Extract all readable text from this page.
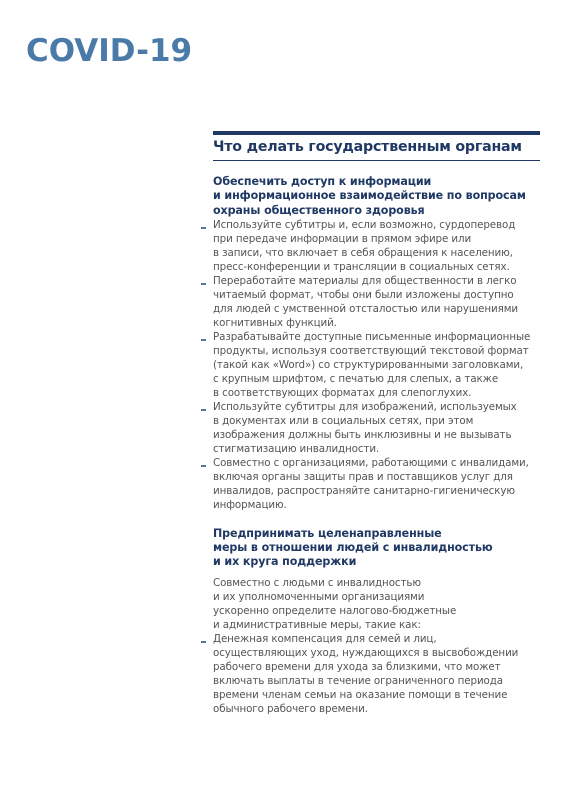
COVID-19
Что делать государственным органам
Обеспечить доступ к информации
и информационное взаимодействие по вопросам
охраны общественного здоровья
Используйте субтитры и, если возможно, сурдоперевод
при передаче информации в прямом эфире или
в записи, что включает в себя обращения к населению,
пресс-конференции и трансляции в социальных сетях.
Переработайте материалы для общественности в легко
читаемый формат, чтобы они были изложены доступно
для людей с умственной отсталостью или нарушениями
когнитивных функций.
Разрабатывайте доступные письменные информационные
продукты, используя соответствующий текстовой формат
(такой как «Word») со структурированными заголовками,
с крупным шрифтом, с печатью для слепых, а также
в соответствующих форматах для слепоглухих.
Используйте субтитры для изображений, используемых
в документах или в социальных сетях, при этом
изображения должны быть инклюзивны и не вызывать
стигматизацию инвалидности.
Совместно с организациями, работающими с инвалидами,
включая органы защиты прав и поставщиков услуг для
инвалидов, распространяйте санитарно-гигиеническую
информацию.
Предпринимать целенаправленные
меры в отношении людей с инвалидностью
и их круга поддержки
Совместно с людьми с инвалидностью
и их уполномоченными организациями
ускоренно определите налогово-бюджетные
и административные меры, такие как:
Денежная компенсация для семей и лиц,
осуществляющих уход, нуждающихся в высвобождении
рабочего времени для ухода за близкими, что может
включать выплаты в течение ограниченного периода
времени членам семьи на оказание помощи в течение
обычного рабочего времени.
